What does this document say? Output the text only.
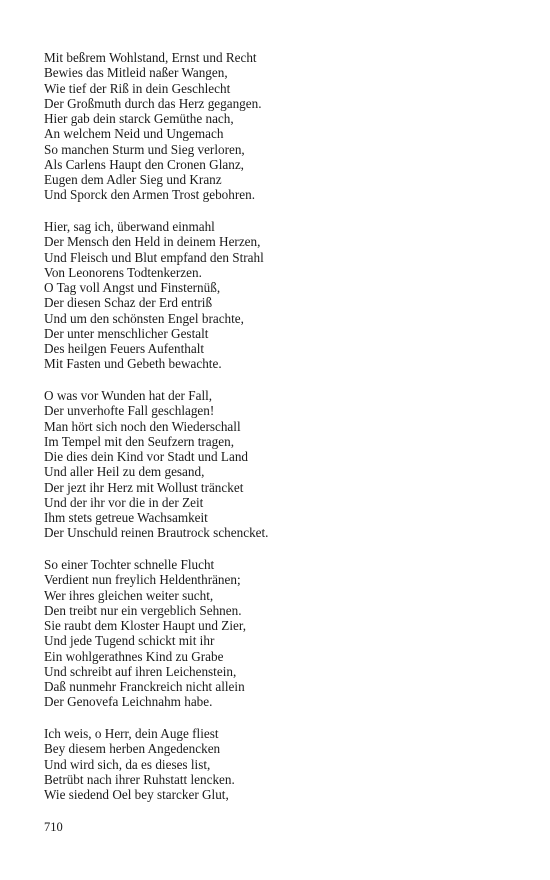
Mit beßrem Wohlstand, Ernst und Recht
Bewies das Mitleid naßer Wangen,
Wie tief der Riß in dein Geschlecht
Der Großmuth durch das Herz gegangen.
Hier gab dein starck Gemüthe nach,
An welchem Neid und Ungemach
So manchen Sturm und Sieg verloren,
Als Carlens Haupt den Cronen Glanz,
Eugen dem Adler Sieg und Kranz
Und Sporck den Armen Trost gebohren.
Hier, sag ich, überwand einmahl
Der Mensch den Held in deinem Herzen,
Und Fleisch und Blut empfand den Strahl
Von Leonorens Todtenkerzen.
O Tag voll Angst und Finsternüß,
Der diesen Schaz der Erd entriß
Und um den schönsten Engel brachte,
Der unter menschlicher Gestalt
Des heilgen Feuers Aufenthalt
Mit Fasten und Gebeth bewachte.
O was vor Wunden hat der Fall,
Der unverhofte Fall geschlagen!
Man hört sich noch den Wiederschall
Im Tempel mit den Seufzern tragen,
Die dies dein Kind vor Stadt und Land
Und aller Heil zu dem gesand,
Der jezt ihr Herz mit Wollust träncket
Und der ihr vor die in der Zeit
Ihm stets getreue Wachsamkeit
Der Unschuld reinen Brautrock schencket.
So einer Tochter schnelle Flucht
Verdient nun freylich Heldenthränen;
Wer ihres gleichen weiter sucht,
Den treibt nur ein vergeblich Sehnen.
Sie raubt dem Kloster Haupt und Zier,
Und jede Tugend schickt mit ihr
Ein wohlgerathnes Kind zu Grabe
Und schreibt auf ihren Leichenstein,
Daß nunmehr Franckreich nicht allein
Der Genovefa Leichnahm habe.
Ich weis, o Herr, dein Auge fliest
Bey diesem herben Angedencken
Und wird sich, da es dieses list,
Betrübt nach ihrer Ruhstatt lencken.
Wie siedend Oel bey starcker Glut,
710
